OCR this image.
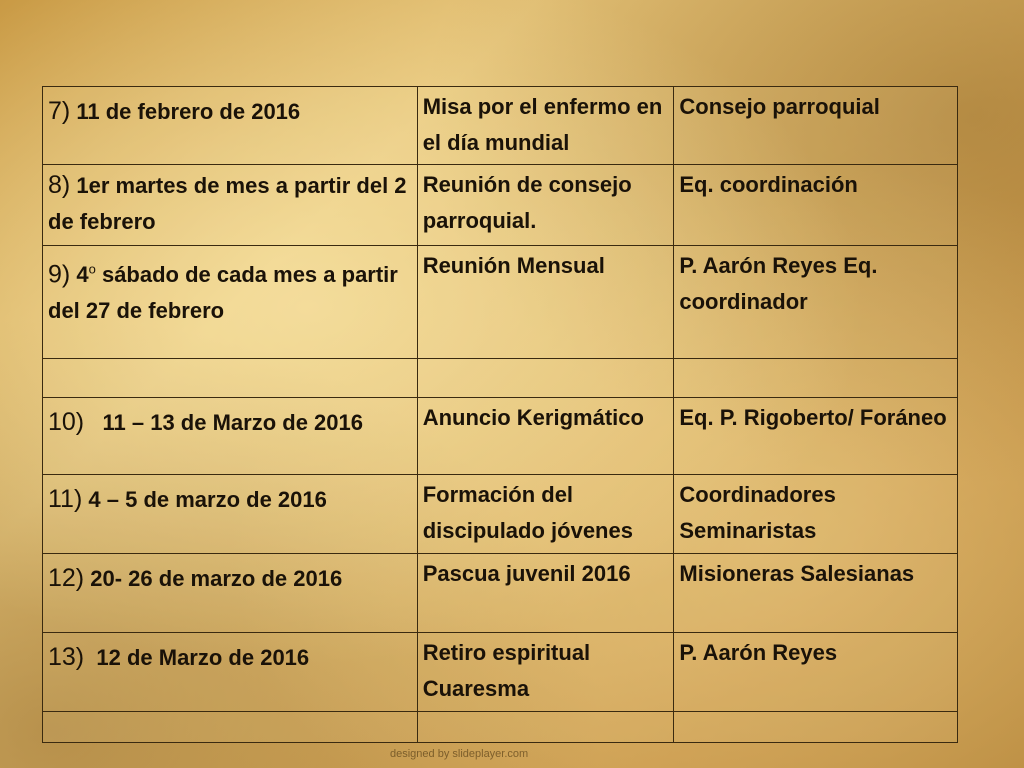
7) 11 de febrero de 2016	Misa por el enfermo en el día mundial	Consejo parroquial
8) 1er martes de mes a partir del 2 de febrero	Reunión de consejo parroquial.	Eq. coordinación
9) 4$^o$ sábado de cada mes a partir del 27 de febrero	Reunión Mensual	P. Aarón Reyes Eq. coordinador

10)   11 – 13 de Marzo de 2016	Anuncio Kerigmático	Eq. P. Rigoberto/ Foráneo
11) 4 – 5 de marzo de 2016	Formación del discipulado jóvenes	Coordinadores Seminaristas
12) 20- 26 de marzo de 2016	Pascua juvenil 2016	Misioneras Salesianas
13)  12 de Marzo de 2016	Retiro espiritual Cuaresma	P. Aarón Reyes

designed by slideplayer.com
